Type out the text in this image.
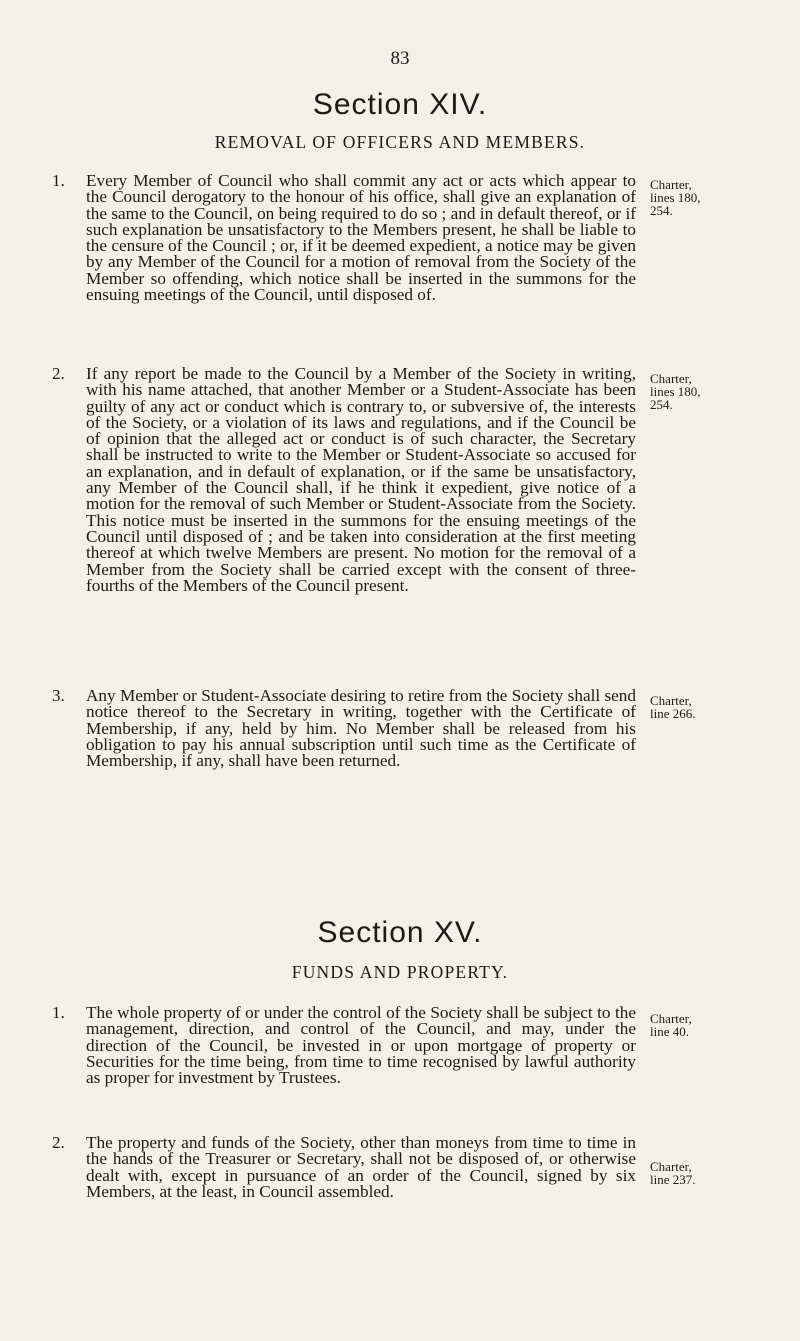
83
Section XIV.
REMOVAL OF OFFICERS AND MEMBERS.
1. Every Member of Council who shall commit any act or acts which appear to the Council derogatory to the honour of his office, shall give an explanation of the same to the Council, on being required to do so ; and in default thereof, or if such explanation be unsatisfactory to the Members present, he shall be liable to the censure of the Council ; or, if it be deemed expedient, a notice may be given by any Member of the Council for a motion of removal from the Society of the Member so offending, which notice shall be inserted in the summons for the ensuing meetings of the Council, until disposed of.
Charter,
lines 180,
254.
2. If any report be made to the Council by a Member of the Society in writing, with his name attached, that another Member or a Student-Associate has been guilty of any act or conduct which is contrary to, or subversive of, the interests of the Society, or a violation of its laws and regulations, and if the Council be of opinion that the alleged act or conduct is of such character, the Secretary shall be instructed to write to the Member or Student-Associate so accused for an explanation, and in default of explanation, or if the same be unsatisfactory, any Member of the Council shall, if he think it expedient, give notice of a motion for the removal of such Member or Student-Associate from the Society. This notice must be inserted in the summons for the ensuing meetings of the Council until disposed of ; and be taken into consideration at the first meeting thereof at which twelve Members are present. No motion for the removal of a Member from the Society shall be carried except with the consent of three-fourths of the Members of the Council present.
Charter,
lines 180,
254.
3. Any Member or Student-Associate desiring to retire from the Society shall send notice thereof to the Secretary in writing, together with the Certificate of Membership, if any, held by him. No Member shall be released from his obligation to pay his annual subscription until such time as the Certificate of Membership, if any, shall have been returned.
Charter,
line 266.
Section XV.
FUNDS AND PROPERTY.
1. The whole property of or under the control of the Society shall be subject to the management, direction, and control of the Council, and may, under the direction of the Council, be invested in or upon mortgage of property or Securities for the time being, from time to time recognised by lawful authority as proper for investment by Trustees.
Charter,
line 40.
2. The property and funds of the Society, other than moneys from time to time in the hands of the Treasurer or Secretary, shall not be disposed of, or otherwise dealt with, except in pursuance of an order of the Council, signed by six Members, at the least, in Council assembled.
Charter,
line 237.
